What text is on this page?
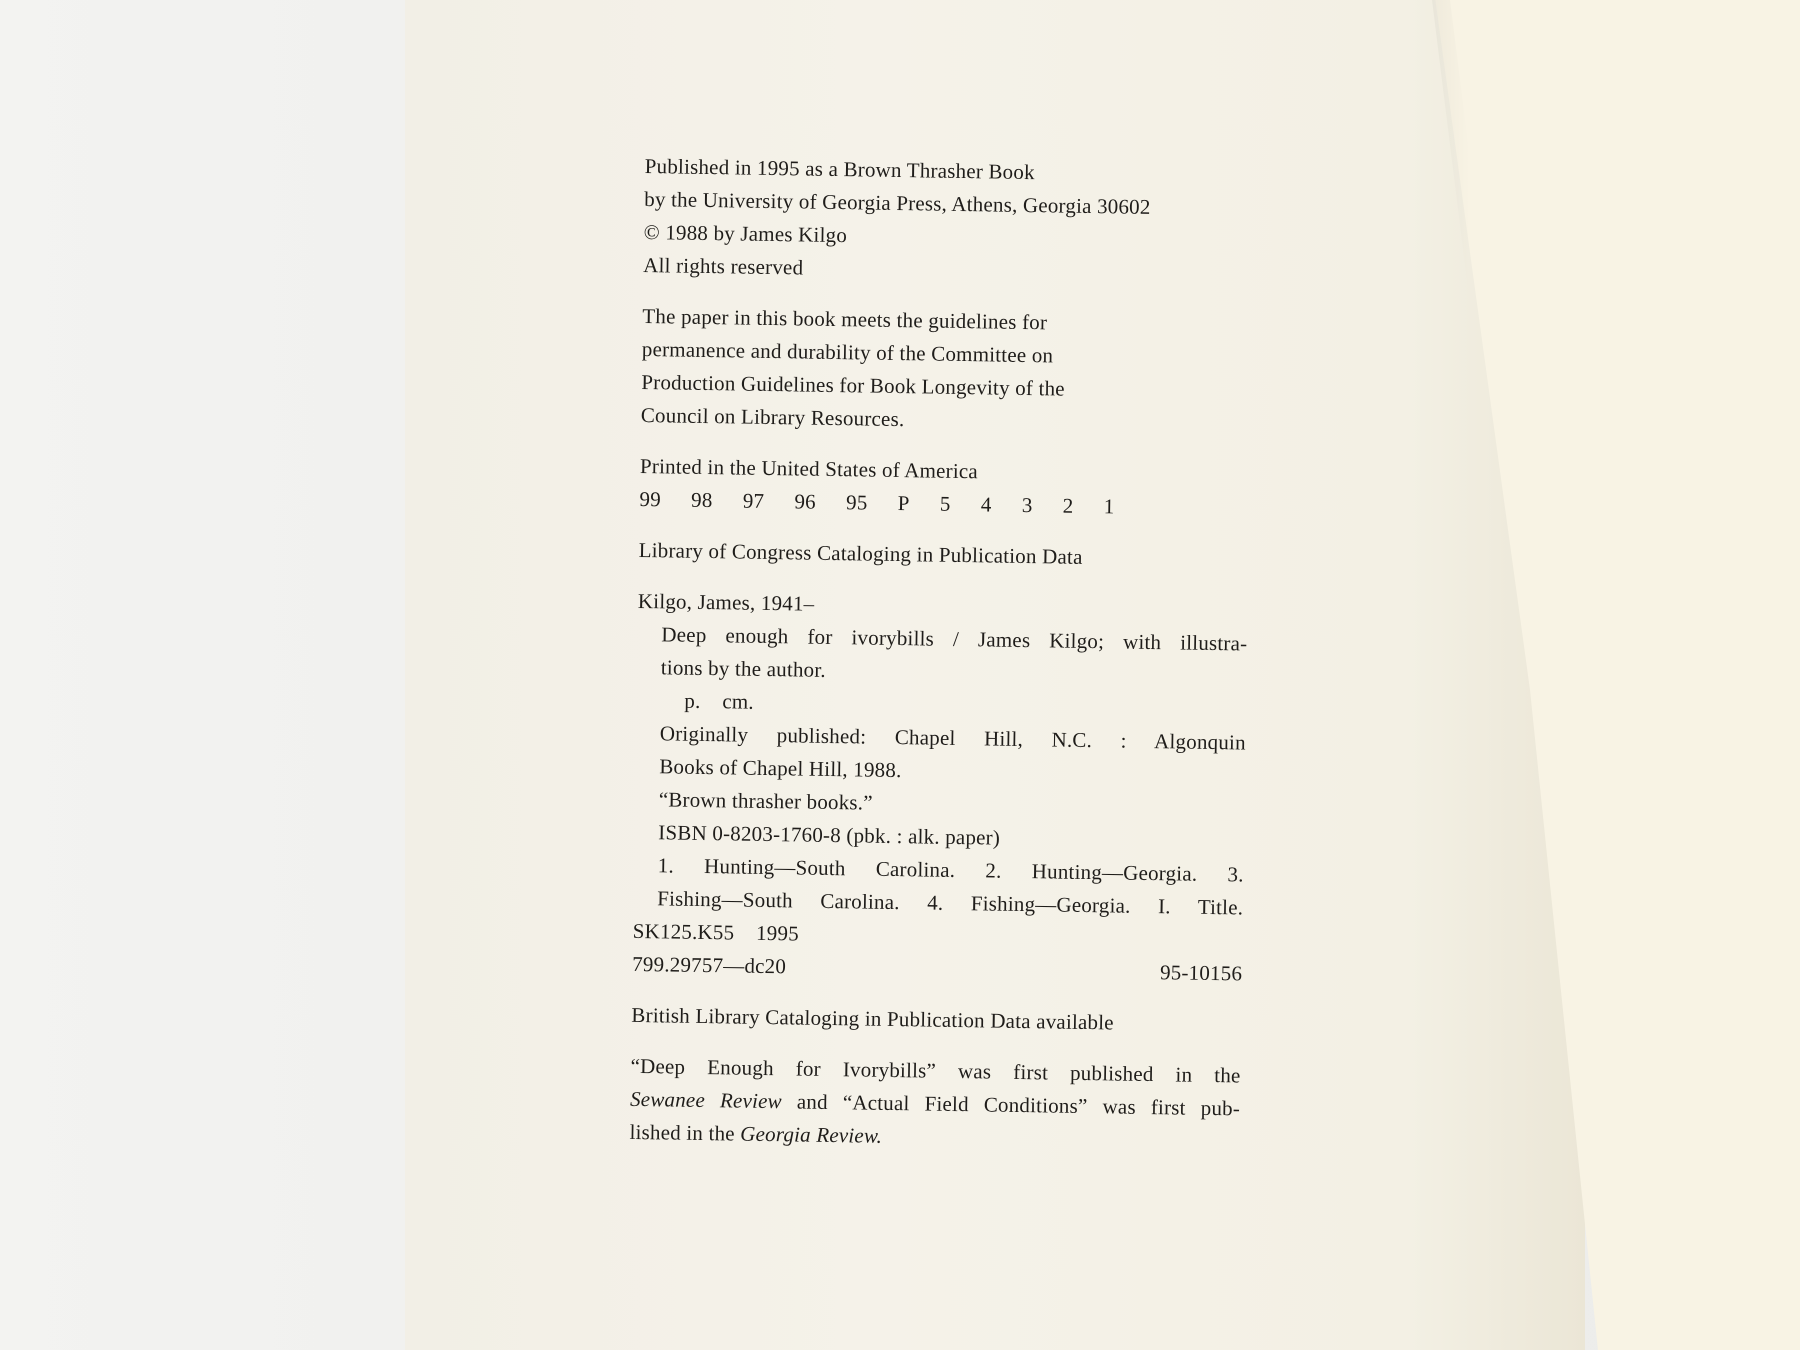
Published in 1995 as a Brown Thrasher Book
by the University of Georgia Press, Athens, Georgia 30602
© 1988 by James Kilgo
All rights reserved
The paper in this book meets the guidelines for
permanence and durability of the Committee on
Production Guidelines for Book Longevity of the
Council on Library Resources.
Printed in the United States of America
99 98 97 96 95 P 5 4 3 2 1
Library of Congress Cataloging in Publication Data
Kilgo, James, 1941–
Deep enough for ivorybills / James Kilgo; with illustra-
tions by the author.
p.    cm.
Originally published: Chapel Hill, N.C. : Algonquin
Books of Chapel Hill, 1988.
“Brown thrasher books.”
ISBN 0-8203-1760-8 (pbk. : alk. paper)
1. Hunting—South Carolina. 2. Hunting—Georgia. 3.
Fishing—South Carolina. 4. Fishing—Georgia. I. Title.
SK125.K55    1995
799.29757—dc20	95-10156
British Library Cataloging in Publication Data available
“Deep Enough for Ivorybills” was first published in the
Sewanee Review and “Actual Field Conditions” was first pub-
lished in the Georgia Review.
